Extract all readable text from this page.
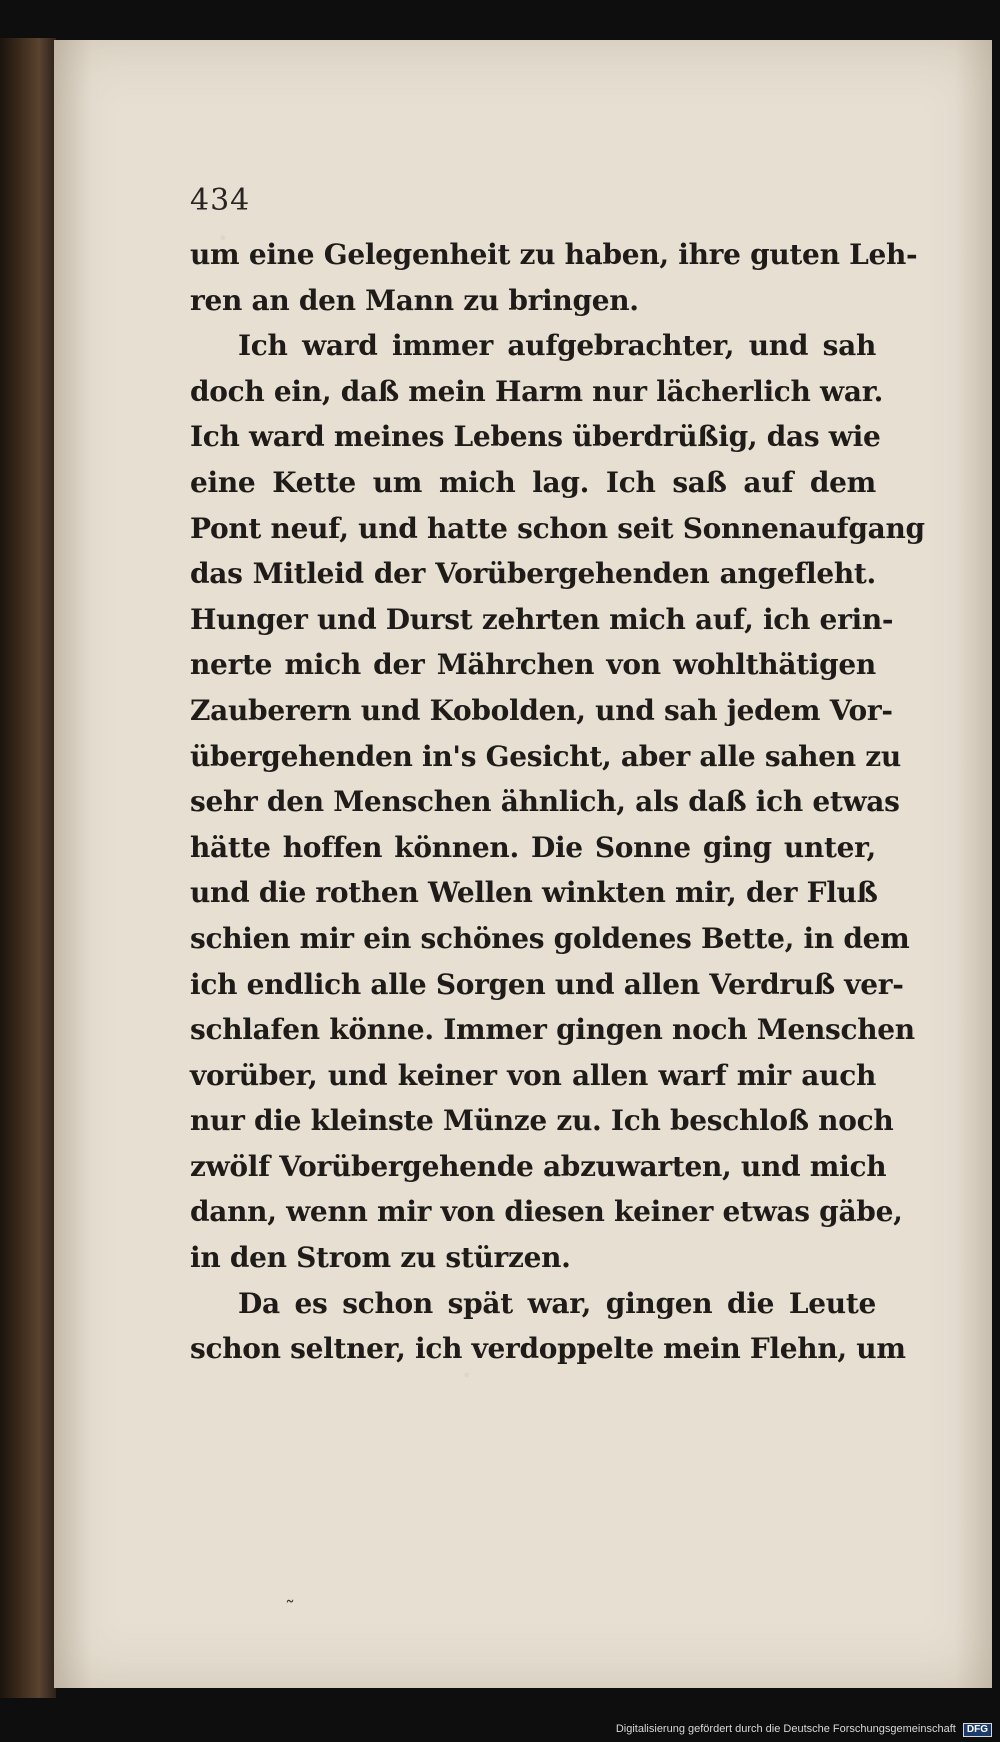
434
um eine Gelegenheit zu haben, ihre guten Leh-
ren an den Mann zu bringen.
Ich ward immer aufgebrachter, und sah
doch ein, daß mein Harm nur lächerlich war.
Ich ward meines Lebens überdrüßig, das wie
eine Kette um mich lag. Ich saß auf dem
Pont neuf, und hatte schon seit Sonnenaufgang
das Mitleid der Vorübergehenden angefleht.
Hunger und Durst zehrten mich auf, ich erin-
nerte mich der Mährchen von wohlthätigen
Zauberern und Kobolden, und sah jedem Vor-
übergehenden in's Gesicht, aber alle sahen zu
sehr den Menschen ähnlich, als daß ich etwas
hätte hoffen können. Die Sonne ging unter,
und die rothen Wellen winkten mir, der Fluß
schien mir ein schönes goldenes Bette, in dem
ich endlich alle Sorgen und allen Verdruß ver-
schlafen könne. Immer gingen noch Menschen
vorüber, und keiner von allen warf mir auch
nur die kleinste Münze zu. Ich beschloß noch
zwölf Vorübergehende abzuwarten, und mich
dann, wenn mir von diesen keiner etwas gäbe,
in den Strom zu stürzen.
Da es schon spät war, gingen die Leute
schon seltner, ich verdoppelte mein Flehn, um
˜
Digitalisierung gefördert durch die Deutsche Forschungsgemeinschaft DFG
